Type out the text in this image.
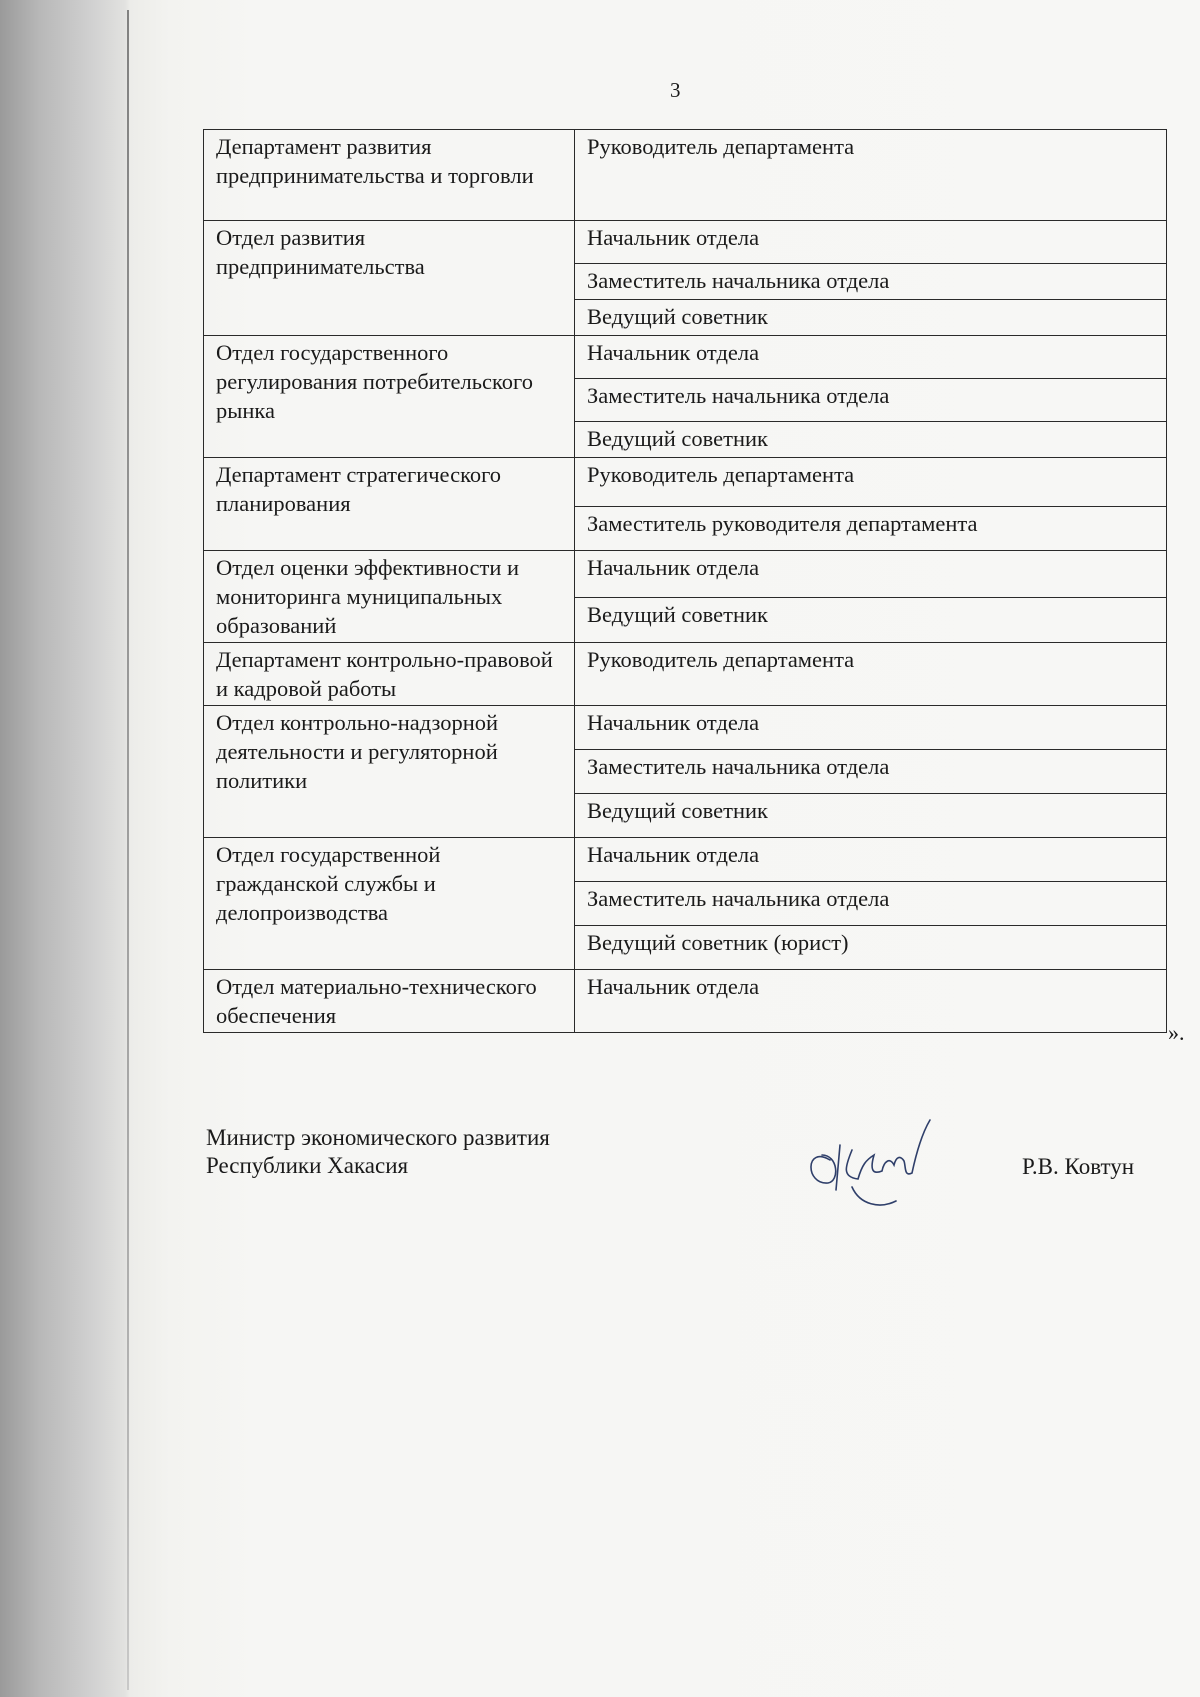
3
Департамент развития предпринимательства и торговли	Руководитель департамента
Отдел развития предпринимательства	Начальник отдела
	Заместитель начальника отдела
	Ведущий советник
Отдел государственного регулирования потребительского рынка	Начальник отдела
	Заместитель начальника отдела
	Ведущий советник
Департамент стратегического планирования	Руководитель департамента
	Заместитель руководителя департамента
Отдел оценки эффективности и мониторинга муниципальных образований	Начальник отдела
	Ведущий советник
Департамент контрольно-правовой и кадровой работы	Руководитель департамента
Отдел контрольно-надзорной деятельности и регуляторной политики	Начальник отдела
	Заместитель начальника отдела
	Ведущий советник
Отдел государственной гражданской службы и делопроизводства	Начальник отдела
	Заместитель начальника отдела
	Ведущий советник (юрист)
Отдел материально-технического обеспечения	Начальник отдела
».
Министр экономического развития
Республики Хакасия	Р.В. Ковтун
